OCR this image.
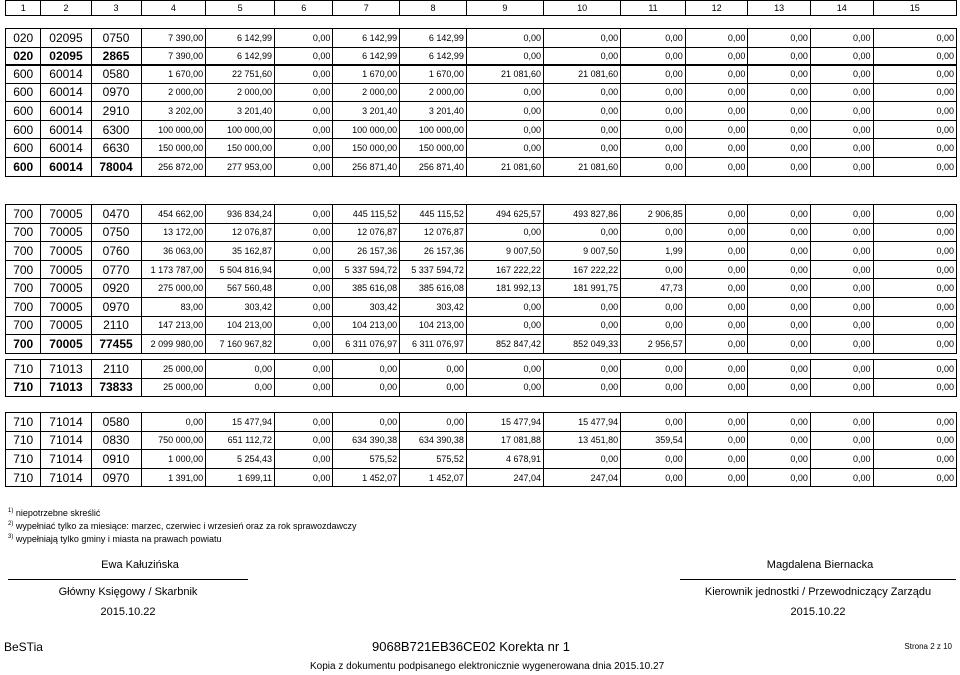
1	2	3	4	5	6	7	8	9	10	11	12	13	14	15
020	02095	0750	7 390,00	6 142,99	0,00	6 142,99	6 142,99	0,00	0,00	0,00	0,00	0,00	0,00	0,00
020	02095	2865	7 390,00	6 142,99	0,00	6 142,99	6 142,99	0,00	0,00	0,00	0,00	0,00	0,00	0,00
600	60014	0580	1 670,00	22 751,60	0,00	1 670,00	1 670,00	21 081,60	21 081,60	0,00	0,00	0,00	0,00	0,00
600	60014	0970	2 000,00	2 000,00	0,00	2 000,00	2 000,00	0,00	0,00	0,00	0,00	0,00	0,00	0,00
600	60014	2910	3 202,00	3 201,40	0,00	3 201,40	3 201,40	0,00	0,00	0,00	0,00	0,00	0,00	0,00
600	60014	6300	100 000,00	100 000,00	0,00	100 000,00	100 000,00	0,00	0,00	0,00	0,00	0,00	0,00	0,00
600	60014	6630	150 000,00	150 000,00	0,00	150 000,00	150 000,00	0,00	0,00	0,00	0,00	0,00	0,00	0,00
600	60014	78004	256 872,00	277 953,00	0,00	256 871,40	256 871,40	21 081,60	21 081,60	0,00	0,00	0,00	0,00	0,00
700	70005	0470	454 662,00	936 834,24	0,00	445 115,52	445 115,52	494 625,57	493 827,86	2 906,85	0,00	0,00	0,00	0,00
700	70005	0750	13 172,00	12 076,87	0,00	12 076,87	12 076,87	0,00	0,00	0,00	0,00	0,00	0,00	0,00
700	70005	0760	36 063,00	35 162,87	0,00	26 157,36	26 157,36	9 007,50	9 007,50	1,99	0,00	0,00	0,00	0,00
700	70005	0770	1 173 787,00	5 504 816,94	0,00	5 337 594,72	5 337 594,72	167 222,22	167 222,22	0,00	0,00	0,00	0,00	0,00
700	70005	0920	275 000,00	567 560,48	0,00	385 616,08	385 616,08	181 992,13	181 991,75	47,73	0,00	0,00	0,00	0,00
700	70005	0970	83,00	303,42	0,00	303,42	303,42	0,00	0,00	0,00	0,00	0,00	0,00	0,00
700	70005	2110	147 213,00	104 213,00	0,00	104 213,00	104 213,00	0,00	0,00	0,00	0,00	0,00	0,00	0,00
700	70005	77455	2 099 980,00	7 160 967,82	0,00	6 311 076,97	6 311 076,97	852 847,42	852 049,33	2 956,57	0,00	0,00	0,00	0,00
710	71013	2110	25 000,00	0,00	0,00	0,00	0,00	0,00	0,00	0,00	0,00	0,00	0,00	0,00
710	71013	73833	25 000,00	0,00	0,00	0,00	0,00	0,00	0,00	0,00	0,00	0,00	0,00	0,00
710	71014	0580	0,00	15 477,94	0,00	0,00	0,00	15 477,94	15 477,94	0,00	0,00	0,00	0,00	0,00
710	71014	0830	750 000,00	651 112,72	0,00	634 390,38	634 390,38	17 081,88	13 451,80	359,54	0,00	0,00	0,00	0,00
710	71014	0910	1 000,00	5 254,43	0,00	575,52	575,52	4 678,91	0,00	0,00	0,00	0,00	0,00	0,00
710	71014	0970	1 391,00	1 699,11	0,00	1 452,07	1 452,07	247,04	247,04	0,00	0,00	0,00	0,00	0,00
$^{1)}$ niepotrzebne skreślić
$^{2)}$ wypełniać tylko za miesiące: marzec, czerwiec i wrzesień oraz za rok sprawozdawczy
$^{3)}$ wypełniają tylko gminy i miasta na prawach powiatu
Ewa Kałuzińska
Główny Księgowy / Skarbnik
2015.10.22
Magdalena Biernacka
Kierownik jednostki / Przewodniczący Zarządu
2015.10.22
BeSTia	9068B721EB36CE02 Korekta nr 1	Strona 2 z 10
Kopia z dokumentu podpisanego elektronicznie wygenerowana dnia 2015.10.27
